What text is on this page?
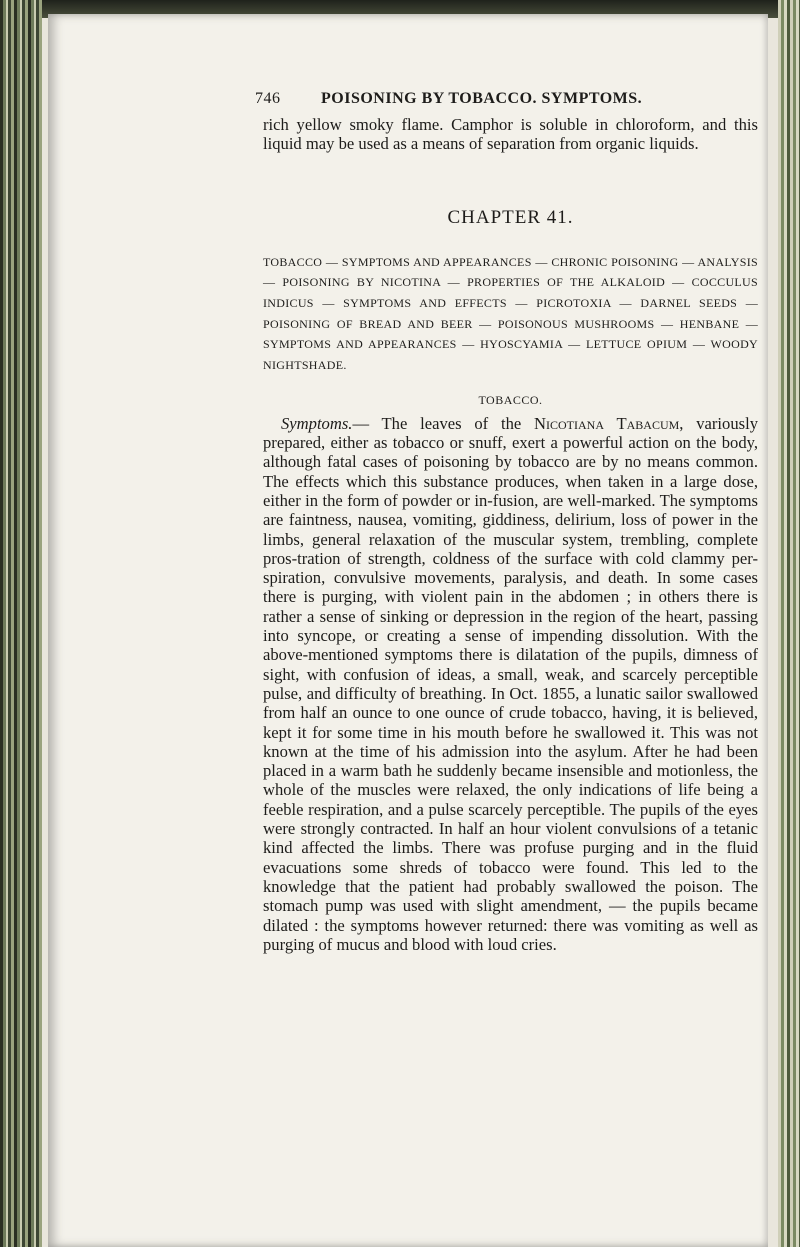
746	POISONING BY TOBACCO. SYMPTOMS.

rich yellow smoky flame. Camphor is soluble in chloroform, and this liquid may be used as a means of separation from organic liquids.

CHAPTER 41.

TOBACCO — SYMPTOMS AND APPEARANCES — CHRONIC POISONING — ANALYSIS — POISONING BY NICOTINA — PROPERTIES OF THE ALKALOID — COCCULUS INDICUS — SYMPTOMS AND EFFECTS — PICROTOXIA — DARNEL SEEDS — POISONING OF BREAD AND BEER — POISONOUS MUSHROOMS — HENBANE — SYMPTOMS AND APPEARANCES — HYOSCYAMIA — LETTUCE OPIUM — WOODY NIGHTSHADE.

TOBACCO.

Symptoms.— The leaves of the Nicotiana Tabacum, variously prepared, either as tobacco or snuff, exert a powerful action on the body, although fatal cases of poisoning by tobacco are by no means common. The effects which this substance produces, when taken in a large dose, either in the form of powder or in-fusion, are well-marked. The symptoms are faintness, nausea, vomiting, giddiness, delirium, loss of power in the limbs, general relaxation of the muscular system, trembling, complete pros-tration of strength, coldness of the surface with cold clammy per-spiration, convulsive movements, paralysis, and death. In some cases there is purging, with violent pain in the abdomen ; in others there is rather a sense of sinking or depression in the region of the heart, passing into syncope, or creating a sense of impending dissolution. With the above-mentioned symptoms there is dilatation of the pupils, dimness of sight, with confusion of ideas, a small, weak, and scarcely perceptible pulse, and difficulty of breathing. In Oct. 1855, a lunatic sailor swallowed from half an ounce to one ounce of crude tobacco, having, it is believed, kept it for some time in his mouth before he swallowed it. This was not known at the time of his admission into the asylum. After he had been placed in a warm bath he suddenly became insensible and motionless, the whole of the muscles were relaxed, the only indications of life being a feeble respiration, and a pulse scarcely perceptible. The pupils of the eyes were strongly contracted. In half an hour violent convulsions of a tetanic kind affected the limbs. There was profuse purging and in the fluid evacuations some shreds of tobacco were found. This led to the knowledge that the patient had probably swallowed the poison. The stomach pump was used with slight amendment, — the pupils became dilated : the symptoms however returned: there was vomiting as well as purging of mucus and blood with loud cries.
